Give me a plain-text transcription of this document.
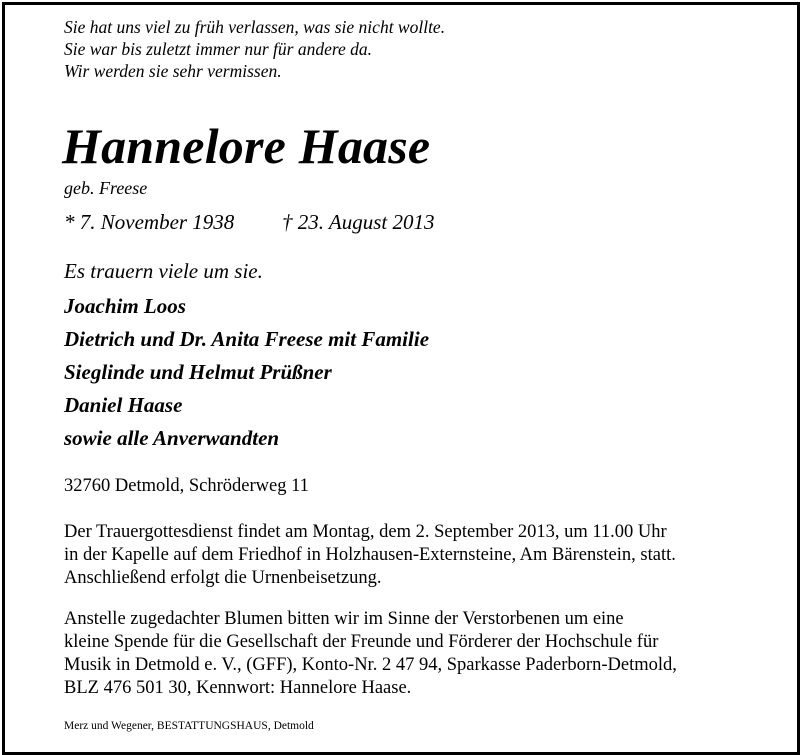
Sie hat uns viel zu früh verlassen, was sie nicht wollte.
Sie war bis zuletzt immer nur für andere da.
Wir werden sie sehr vermissen.
Hannelore Haase
geb. Freese
* 7. November 1938 † 23. August 2013
Es trauern viele um sie.
Joachim Loos
Dietrich und Dr. Anita Freese mit Familie
Sieglinde und Helmut Prüßner
Daniel Haase
sowie alle Anverwandten
32760 Detmold, Schröderweg 11
Der Trauergottesdienst findet am Montag, dem 2. September 2013, um 11.00 Uhr
in der Kapelle auf dem Friedhof in Holzhausen-Externsteine, Am Bärenstein, statt.
Anschließend erfolgt die Urnenbeisetzung.
Anstelle zugedachter Blumen bitten wir im Sinne der Verstorbenen um eine
kleine Spende für die Gesellschaft der Freunde und Förderer der Hochschule für
Musik in Detmold e. V., (GFF), Konto-Nr. 2 47 94, Sparkasse Paderborn-Detmold,
BLZ 476 501 30, Kennwort: Hannelore Haase.
Merz und Wegener, BESTATTUNGSHAUS, Detmold
